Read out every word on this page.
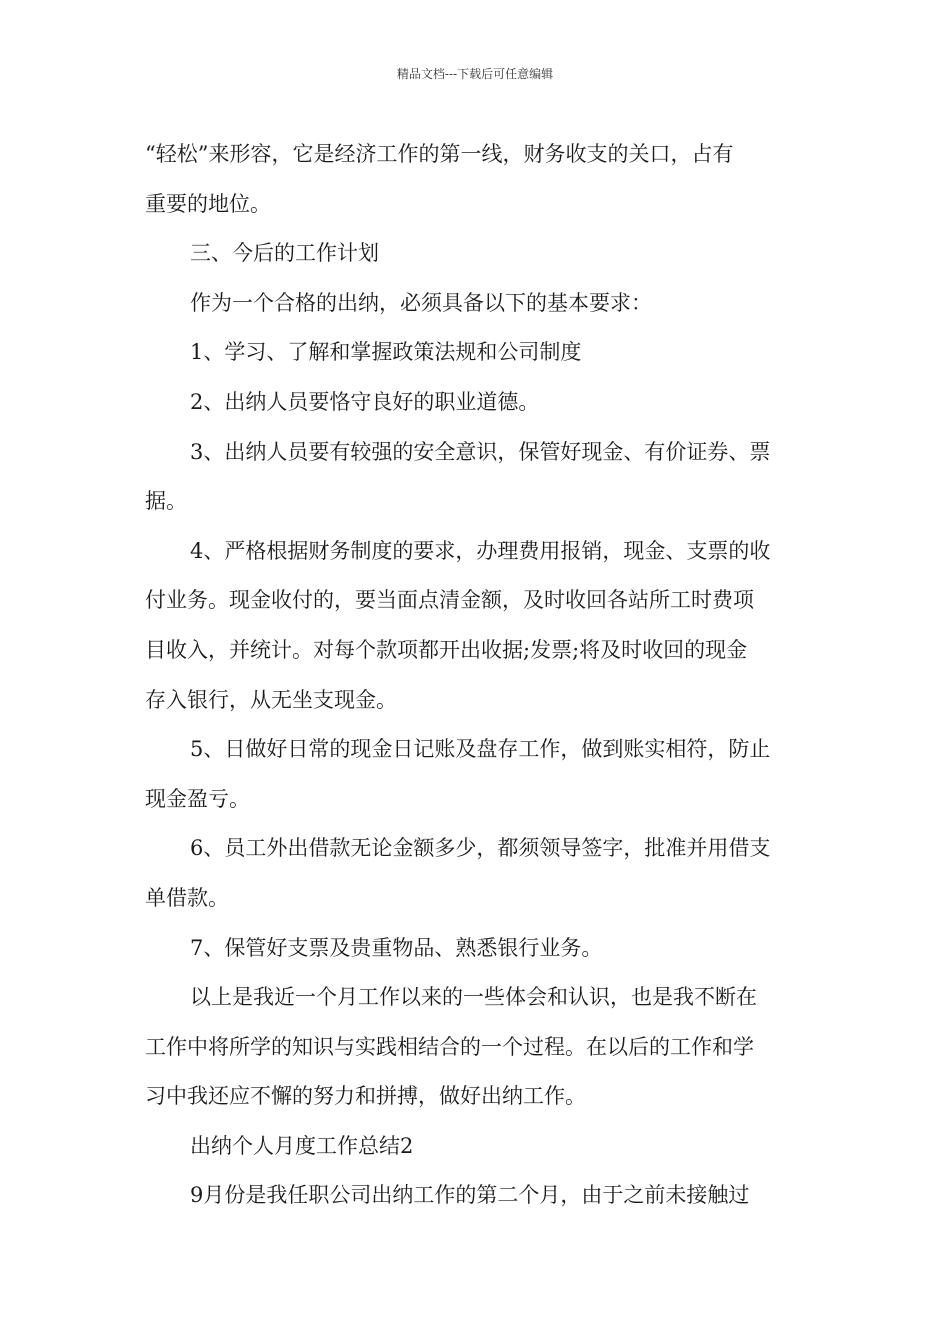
精品文档---下载后可任意编辑
“轻松”来形容，它是经济工作的第一线，财务收支的关口，占有
重要的地位。
三、今后的工作计划
作为一个合格的出纳，必须具备以下的基本要求：
1、学习、了解和掌握政策法规和公司制度
2、出纳人员要恪守良好的职业道德。
3、出纳人员要有较强的安全意识，保管好现金、有价证券、票
据。
4、严格根据财务制度的要求，办理费用报销，现金、支票的收
付业务。现金收付的，要当面点清金额，及时收回各站所工时费项
目收入，并统计。对每个款项都开出收据;发票;将及时收回的现金
存入银行，从无坐支现金。
5、日做好日常的现金日记账及盘存工作，做到账实相符，防止
现金盈亏。
6、员工外出借款无论金额多少，都须领导签字，批准并用借支
单借款。
7、保管好支票及贵重物品、熟悉银行业务。
以上是我近一个月工作以来的一些体会和认识，也是我不断在
工作中将所学的知识与实践相结合的一个过程。在以后的工作和学
习中我还应不懈的努力和拼搏，做好出纳工作。
出纳个人月度工作总结2
9月份是我任职公司出纳工作的第二个月，由于之前未接触过
